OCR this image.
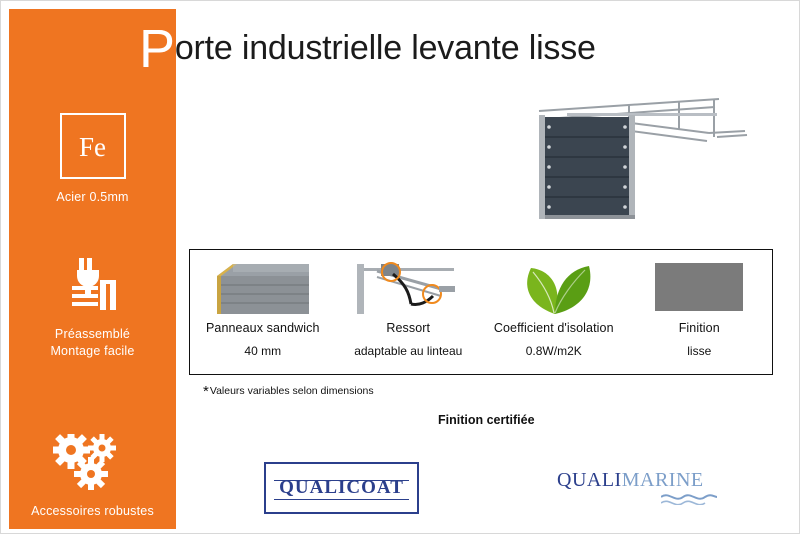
Fe
Acier 0.5mm
Préassemblé
Montage facile
Accessoires robustes
Porte industrielle levante lisse
Panneaux sandwich
40 mm
Ressort
adaptable au linteau
Coefficient d'isolation
0.8W/m2K
Finition
lisse
*Valeurs variables selon dimensions
Finition certifiée
QUALICOAT	QUALIMARINE
